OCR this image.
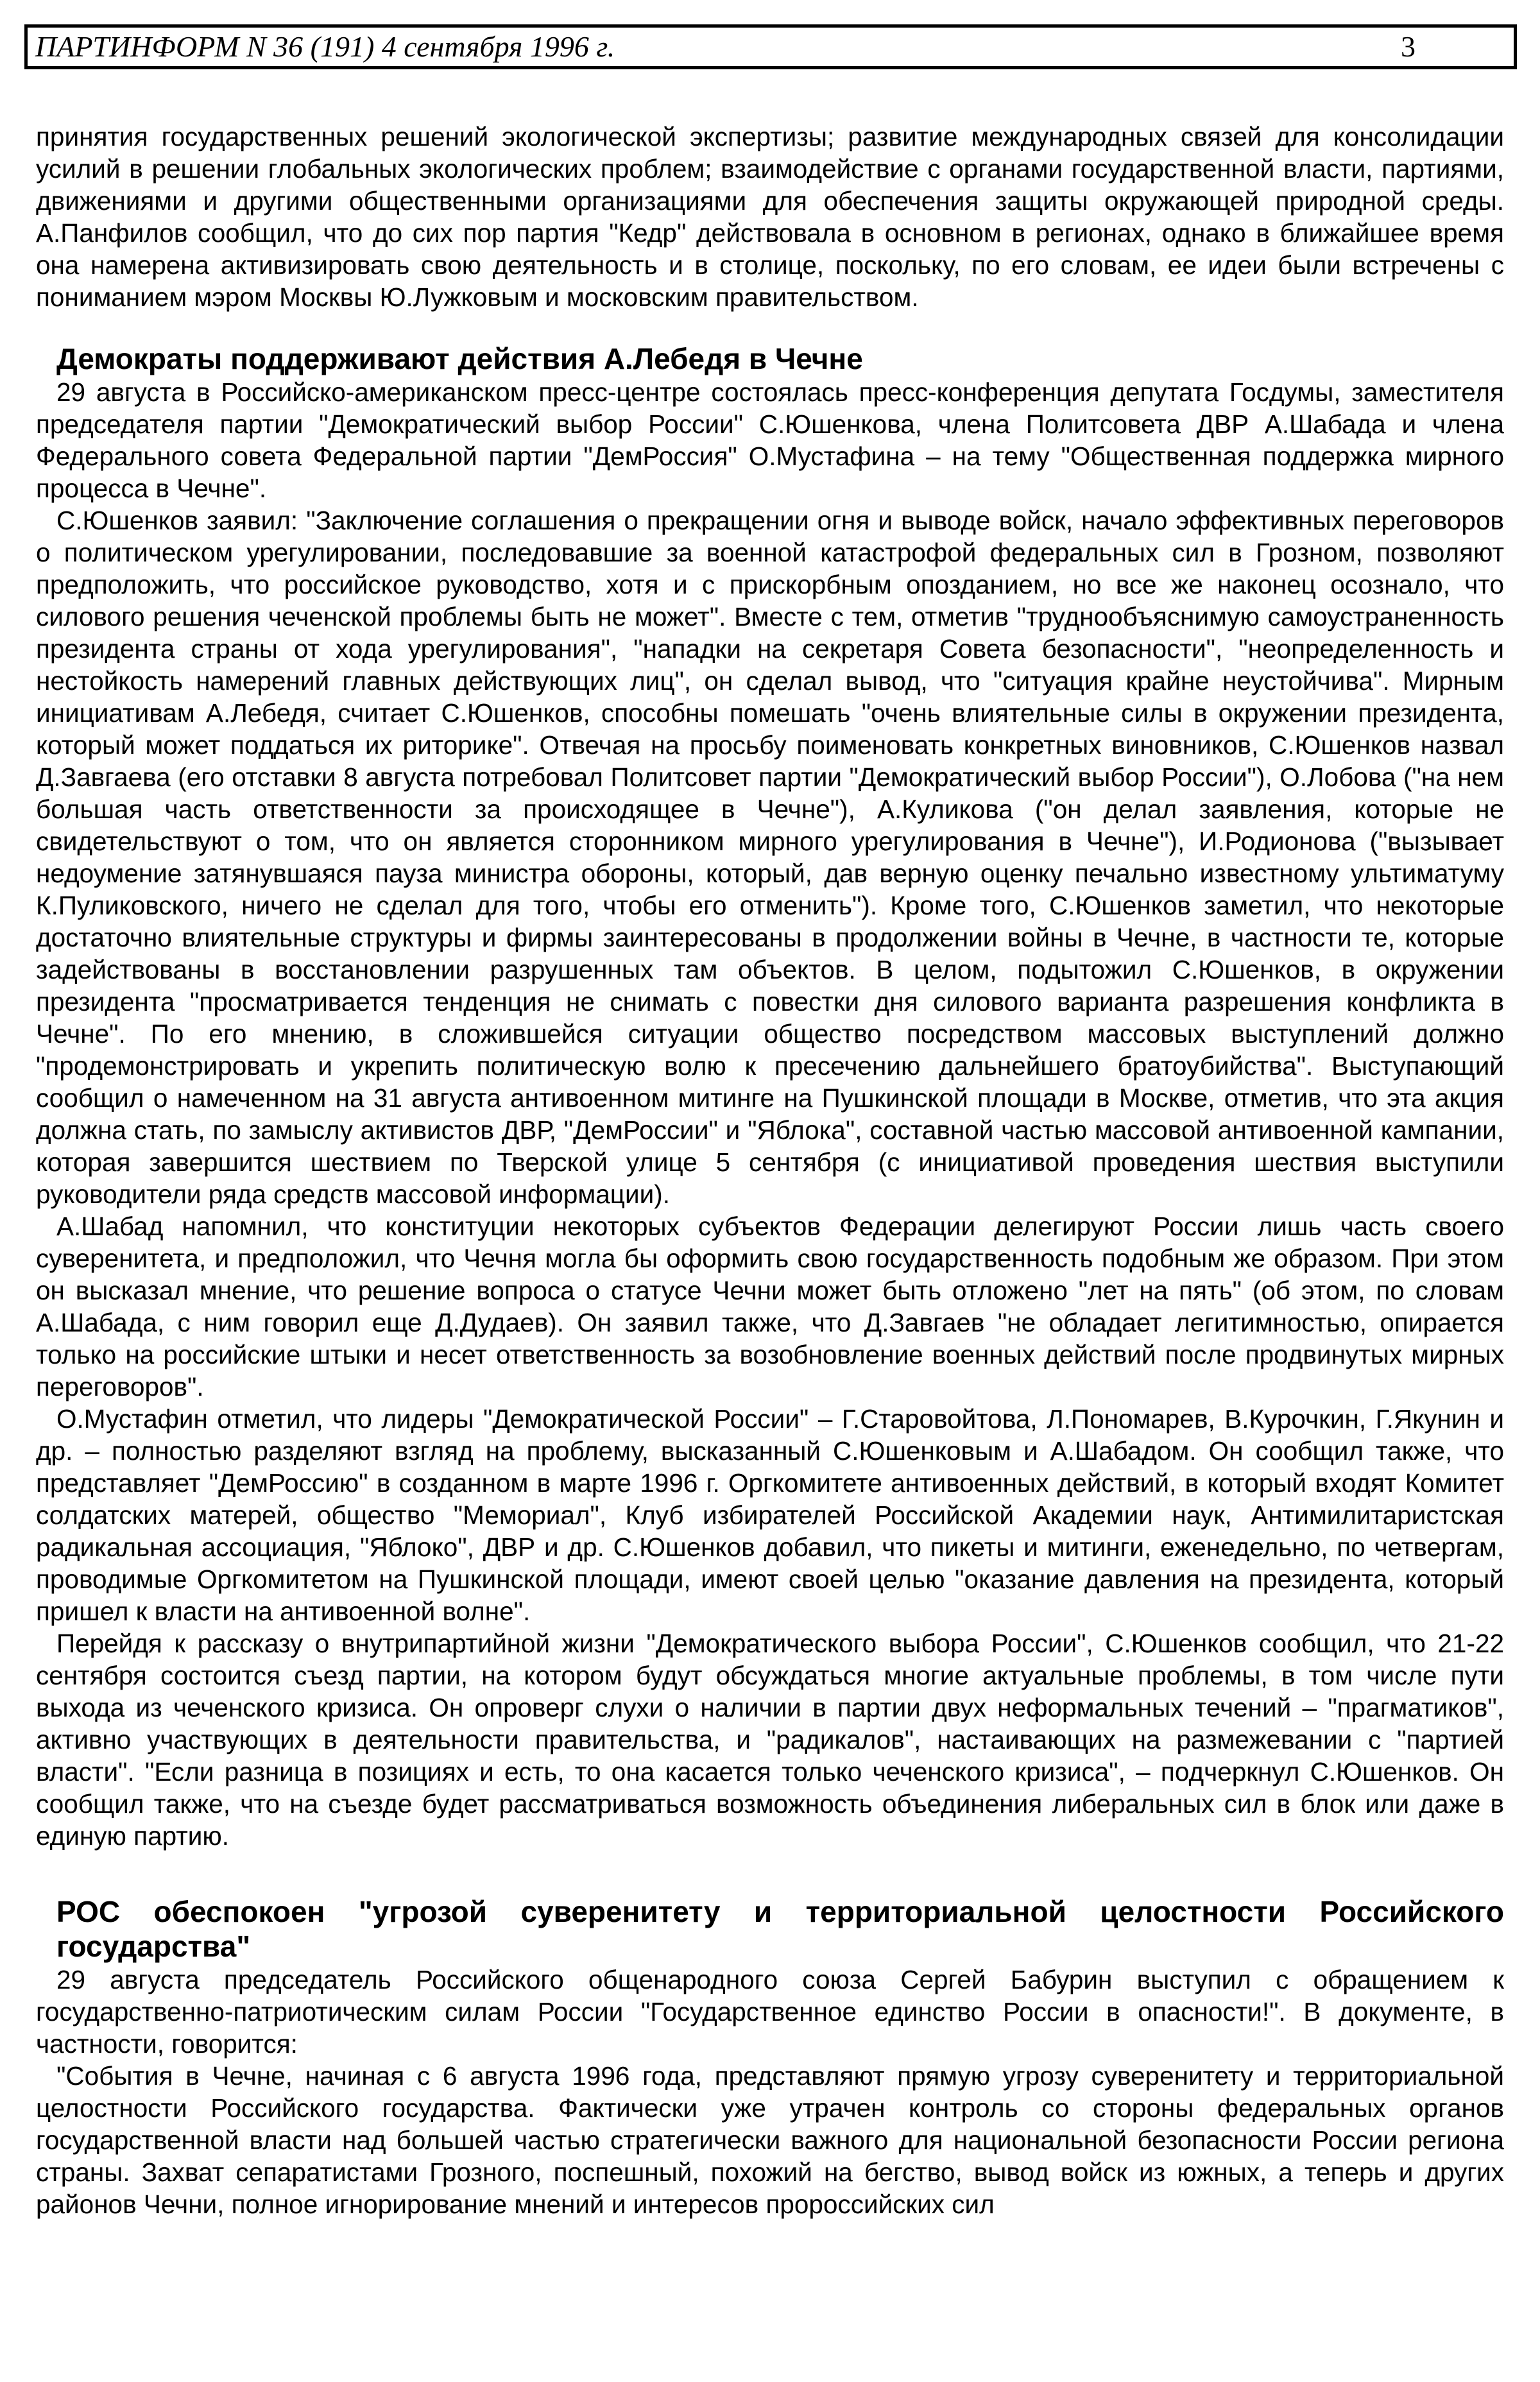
ПАРТИНФОРМ N 36 (191) 4 сентября 1996 г.	3

принятия государственных решений экологической экспертизы; развитие международных связей для консолидации усилий в решении глобальных экологических проблем; взаимодействие с органами государственной власти, партиями, движениями и другими общественными организациями для обеспечения защиты окружающей природной среды. А.Панфилов сообщил, что до сих пор партия "Кедр" действовала в основном в регионах, однако в ближайшее время она намерена активизировать свою деятельность и в столице, поскольку, по его словам, ее идеи были встречены с пониманием мэром Москвы Ю.Лужковым и московским правительством.

Демократы поддерживают действия А.Лебедя в Чечне

29 августа в Российско-американском пресс-центре состоялась пресс-конференция депутата Госдумы, заместителя председателя партии "Демократический выбор России" С.Юшенкова, члена Политсовета ДВР А.Шабада и члена Федерального совета Федеральной партии "ДемРоссия" О.Мустафина – на тему "Общественная поддержка мирного процесса в Чечне".

С.Юшенков заявил: "Заключение соглашения о прекращении огня и выводе войск, начало эффективных переговоров о политическом урегулировании, последовавшие за военной катастрофой федеральных сил в Грозном, позволяют предположить, что российское руководство, хотя и с прискорбным опозданием, но все же наконец осознало, что силового решения чеченской проблемы быть не может". Вместе с тем, отметив "труднообъяснимую самоустраненность президента страны от хода урегулирования", "нападки на секретаря Совета безопасности", "неопределенность и нестойкость намерений главных действующих лиц", он сделал вывод, что "ситуация крайне неустойчива". Мирным инициативам А.Лебедя, считает С.Юшенков, способны помешать "очень влиятельные силы в окружении президента, который может поддаться их риторике". Отвечая на просьбу поименовать конкретных виновников, С.Юшенков назвал Д.Завгаева (его отставки 8 августа потребовал Политсовет партии "Демократический выбор России"), О.Лобова ("на нем большая часть ответственности за происходящее в Чечне"), А.Куликова ("он делал заявления, которые не свидетельствуют о том, что он является сторонником мирного урегулирования в Чечне"), И.Родионова ("вызывает недоумение затянувшаяся пауза министра обороны, который, дав верную оценку печально известному ультиматуму К.Пуликовского, ничего не сделал для того, чтобы его отменить"). Кроме того, С.Юшенков заметил, что некоторые достаточно влиятельные структуры и фирмы заинтересованы в продолжении войны в Чечне, в частности те, которые задействованы в восстановлении разрушенных там объектов. В целом, подытожил С.Юшенков, в окружении президента "просматривается тенденция не снимать с повестки дня силового варианта разрешения конфликта в Чечне". По его мнению, в сложившейся ситуации общество посредством массовых выступлений должно "продемонстрировать и укрепить политическую волю к пресечению дальнейшего братоубийства". Выступающий сообщил о намеченном на 31 августа антивоенном митинге на Пушкинской площади в Москве, отметив, что эта акция должна стать, по замыслу активистов ДВР, "ДемРоссии" и "Яблока", составной частью массовой антивоенной кампании, которая завершится шествием по Тверской улице 5 сентября (с инициативой проведения шествия выступили руководители ряда средств массовой информации).

А.Шабад напомнил, что конституции некоторых субъектов Федерации делегируют России лишь часть своего суверенитета, и предположил, что Чечня могла бы оформить свою государственность подобным же образом. При этом он высказал мнение, что решение вопроса о статусе Чечни может быть отложено "лет на пять" (об этом, по словам А.Шабада, с ним говорил еще Д.Дудаев). Он заявил также, что Д.Завгаев "не обладает легитимностью, опирается только на российские штыки и несет ответственность за возобновление военных действий после продвинутых мирных переговоров".

О.Мустафин отметил, что лидеры "Демократической России" – Г.Старовойтова, Л.Пономарев, В.Курочкин, Г.Якунин и др. – полностью разделяют взгляд на проблему, высказанный С.Юшенковым и А.Шабадом. Он сообщил также, что представляет "ДемРоссию" в созданном в марте 1996 г. Оргкомитете антивоенных действий, в который входят Комитет солдатских матерей, общество "Мемориал", Клуб избирателей Российской Академии наук, Антимилитаристская радикальная ассоциация, "Яблоко", ДВР и др. С.Юшенков добавил, что пикеты и митинги, еженедельно, по четвергам, проводимые Оргкомитетом на Пушкинской площади, имеют своей целью "оказание давления на президента, который пришел к власти на антивоенной волне".

Перейдя к рассказу о внутрипартийной жизни "Демократического выбора России", С.Юшенков сообщил, что 21-22 сентября состоится съезд партии, на котором будут обсуждаться многие актуальные проблемы, в том числе пути выхода из чеченского кризиса. Он опроверг слухи о наличии в партии двух неформальных течений – "прагматиков", активно участвующих в деятельности правительства, и "радикалов", настаивающих на размежевании с "партией власти". "Если разница в позициях и есть, то она касается только чеченского кризиса", – подчеркнул С.Юшенков. Он сообщил также, что на съезде будет рассматриваться возможность объединения либеральных сил в блок или даже в единую партию.

РОС обеспокоен "угрозой суверенитету и территориальной целостности Российского государства"

29 августа председатель Российского общенародного союза Сергей Бабурин выступил с обращением к государственно-патриотическим силам России "Государственное единство России в опасности!". В документе, в частности, говорится:

"События в Чечне, начиная с 6 августа 1996 года, представляют прямую угрозу суверенитету и территориальной целостности Российского государства. Фактически уже утрачен контроль со стороны федеральных органов государственной власти над большей частью стратегически важного для национальной безопасности России региона страны. Захват сепаратистами Грозного, поспешный, похожий на бегство, вывод войск из южных, а теперь и других районов Чечни, полное игнорирование мнений и интересов пророссийских сил
